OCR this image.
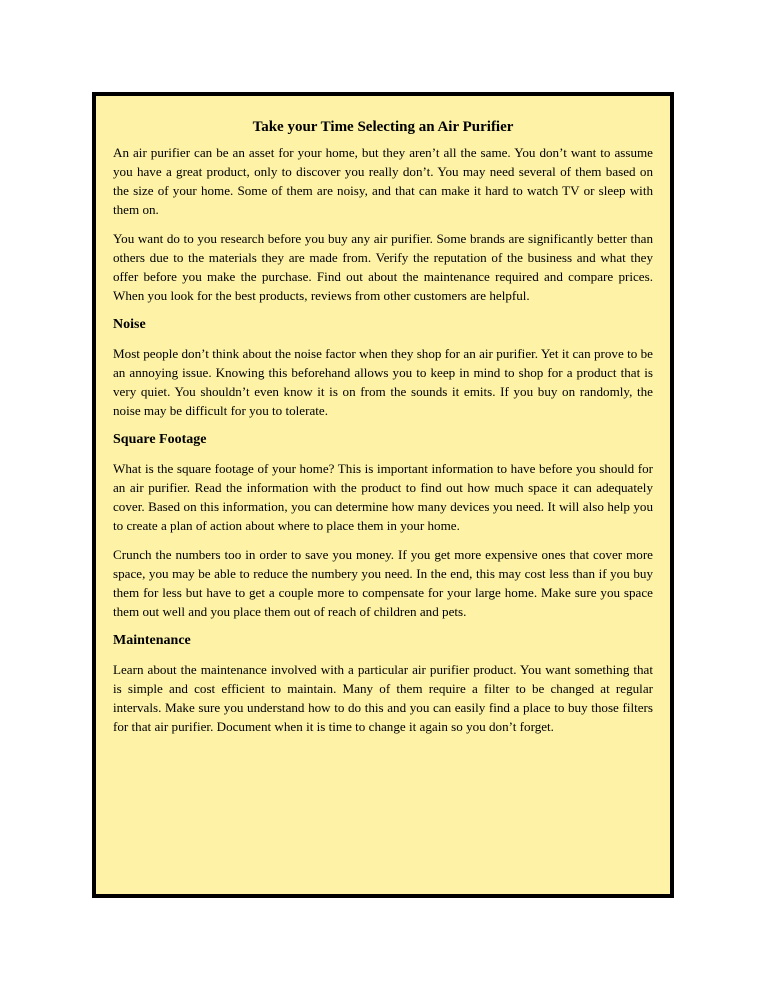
Take your Time Selecting an Air Purifier

An air purifier can be an asset for your home, but they aren’t all the same. You don’t want to assume you have a great product, only to discover you really don’t. You may need several of them based on the size of your home. Some of them are noisy, and that can make it hard to watch TV or sleep with them on.

You want do to you research before you buy any air purifier. Some brands are significantly better than others due to the materials they are made from. Verify the reputation of the business and what they offer before you make the purchase. Find out about the maintenance required and compare prices. When you look for the best products, reviews from other customers are helpful.

Noise

Most people don’t think about the noise factor when they shop for an air purifier. Yet it can prove to be an annoying issue. Knowing this beforehand allows you to keep in mind to shop for a product that is very quiet. You shouldn’t even know it is on from the sounds it emits. If you buy on randomly, the noise may be difficult for you to tolerate.

Square Footage

What is the square footage of your home? This is important information to have before you should for an air purifier. Read the information with the product to find out how much space it can adequately cover. Based on this information, you can determine how many devices you need. It will also help you to create a plan of action about where to place them in your home.

Crunch the numbers too in order to save you money. If you get more expensive ones that cover more space, you may be able to reduce the numbery you need. In the end, this may cost less than if you buy them for less but have to get a couple more to compensate for your large home. Make sure you space them out well and you place them out of reach of children and pets.

Maintenance

Learn about the maintenance involved with a particular air purifier product. You want something that is simple and cost efficient to maintain. Many of them require a filter to be changed at regular intervals. Make sure you understand how to do this and you can easily find a place to buy those filters for that air purifier. Document when it is time to change it again so you don’t forget.
